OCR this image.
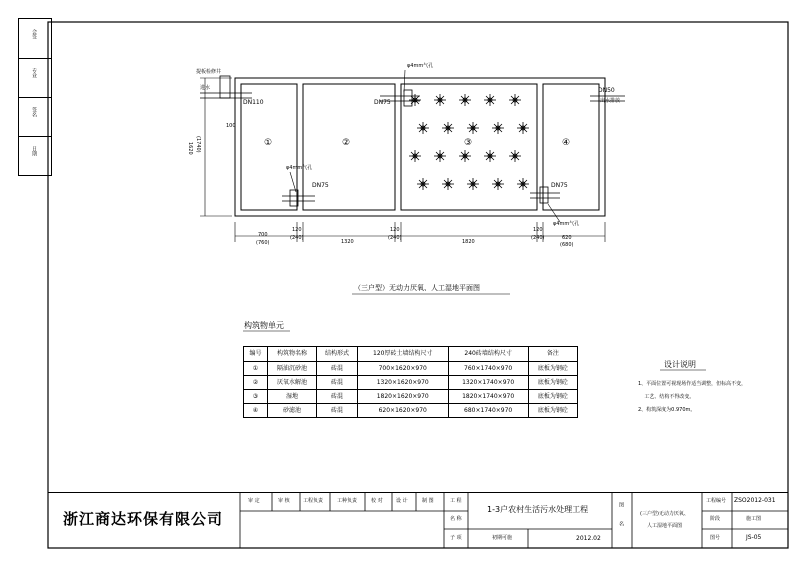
会签
专业
签名
日期
提板检修井
进水
DN110
100
DN75
φ4mm气孔
φ4mm气孔
DN75	DN75
φ4mm气孔
DN50
出水排放
1620 (1740)	①	②	③	④
700
(760)
120
(240)
1320
120
(240)
1820
120
(240)	620
(680)
（三户型）无动力厌氧、人工湿地平面图
构筑物单元
编号	构筑物名称	结构形式	120厚砖土墙结构尺寸	240砖墙结构尺寸	备注
①	隔油沉砂池	砖混	700×1620×970	760×1740×970	底板为钢砼
②	厌氧水解池	砖混	1320×1620×970	1320×1740×970	底板为钢砼
③	湿地	砖混	1820×1620×970	1820×1740×970	底板为钢砼
④	砂滤池	砖混	620×1620×970	680×1740×970	底板为钢砼
设计说明
1、平面位置可视现场作适当调整，但标高不变，
工艺、结构不得改变。
2、构筑深度为0.970m。
浙江商达环保有限公司
审 定	审 核	工程负责	工种负责	校 对	设 计	制 图	工 程
名 称
子 项
1-3户农村生活污水处理工程
初期可施	2012.02	图名	(三户型)无动力厌氧、
人工湿地平面图
工程编号 ZSO2012-031
阶段	施工图
图号	JS-05
